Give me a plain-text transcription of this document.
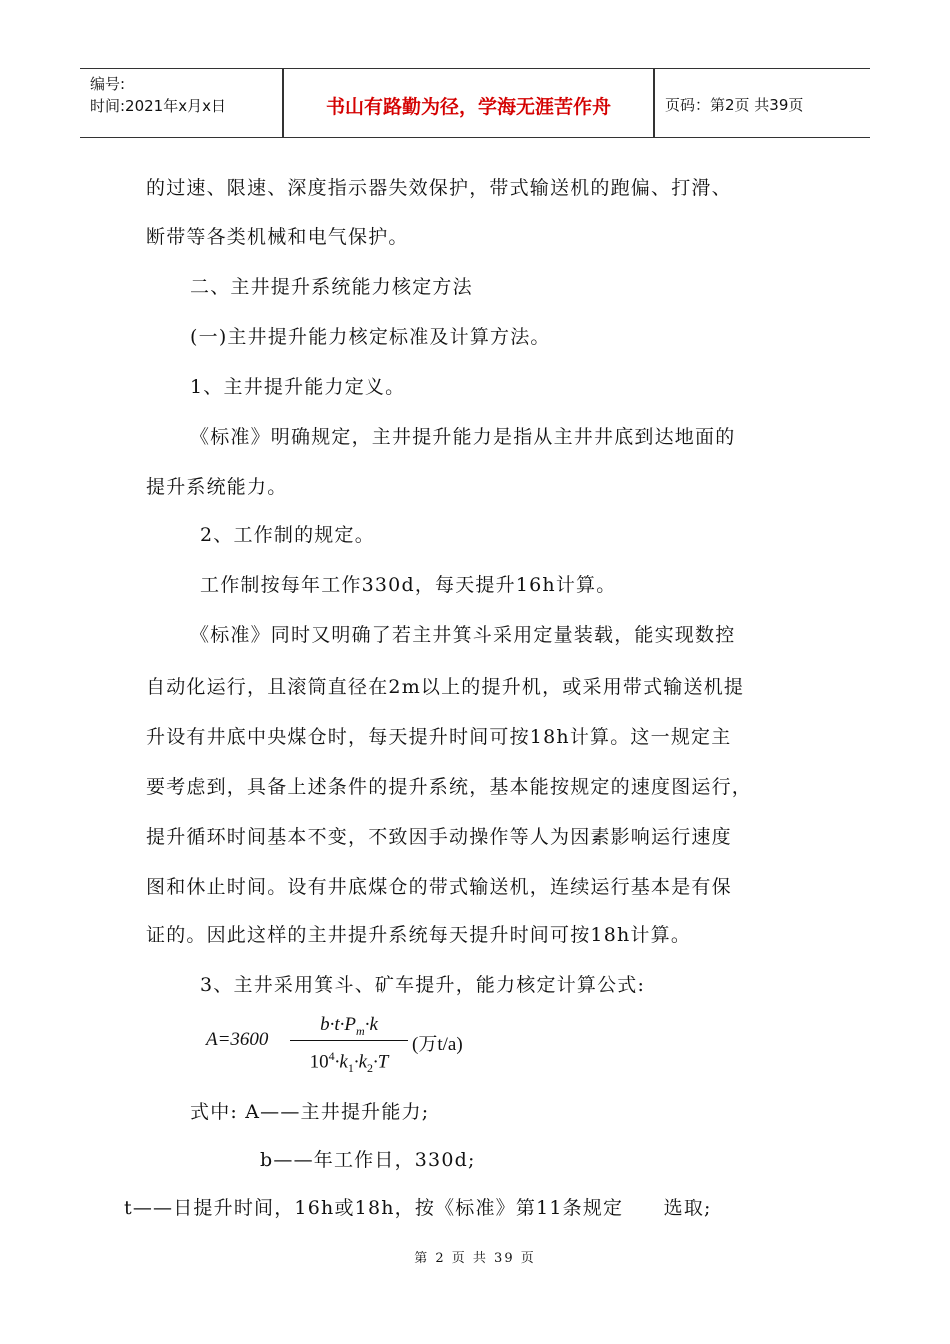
编号:
时间:2021年x月x日	书山有路勤为径，学海无涯苦作舟	页码：第2页 共39页
的过速、限速、深度指示器失效保护，带式输送机的跑偏、打滑、
断带等各类机械和电气保护。
二、主井提升系统能力核定方法
(一)主井提升能力核定标准及计算方法。
1、主井提升能力定义。
《标准》明确规定，主井提升能力是指从主井井底到达地面的
提升系统能力。
2、工作制的规定。
工作制按每年工作330d，每天提升16h计算。
《标准》同时又明确了若主井箕斗采用定量装载，能实现数控
自动化运行，且滚筒直径在2m以上的提升机，或采用带式输送机提
升设有井底中央煤仓时，每天提升时间可按18h计算。这一规定主
要考虑到，具备上述条件的提升系统，基本能按规定的速度图运行，
提升循环时间基本不变，不致因手动操作等人为因素影响运行速度
图和休止时间。设有井底煤仓的带式输送机，连续运行基本是有保
证的。因此这样的主井提升系统每天提升时间可按18h计算。
3、主井采用箕斗、矿车提升，能力核定计算公式:
A=3600
$b\cdot t\cdot P_m\cdot k$
$10^4\cdot k_1\cdot k_2\cdot T$
(万t/a)
式中: A——主井提升能力;
b——年工作日，330d;
t——日提升时间，16h或18h，按《标准》第11条规定　　选取;
第 2 页 共 39 页
